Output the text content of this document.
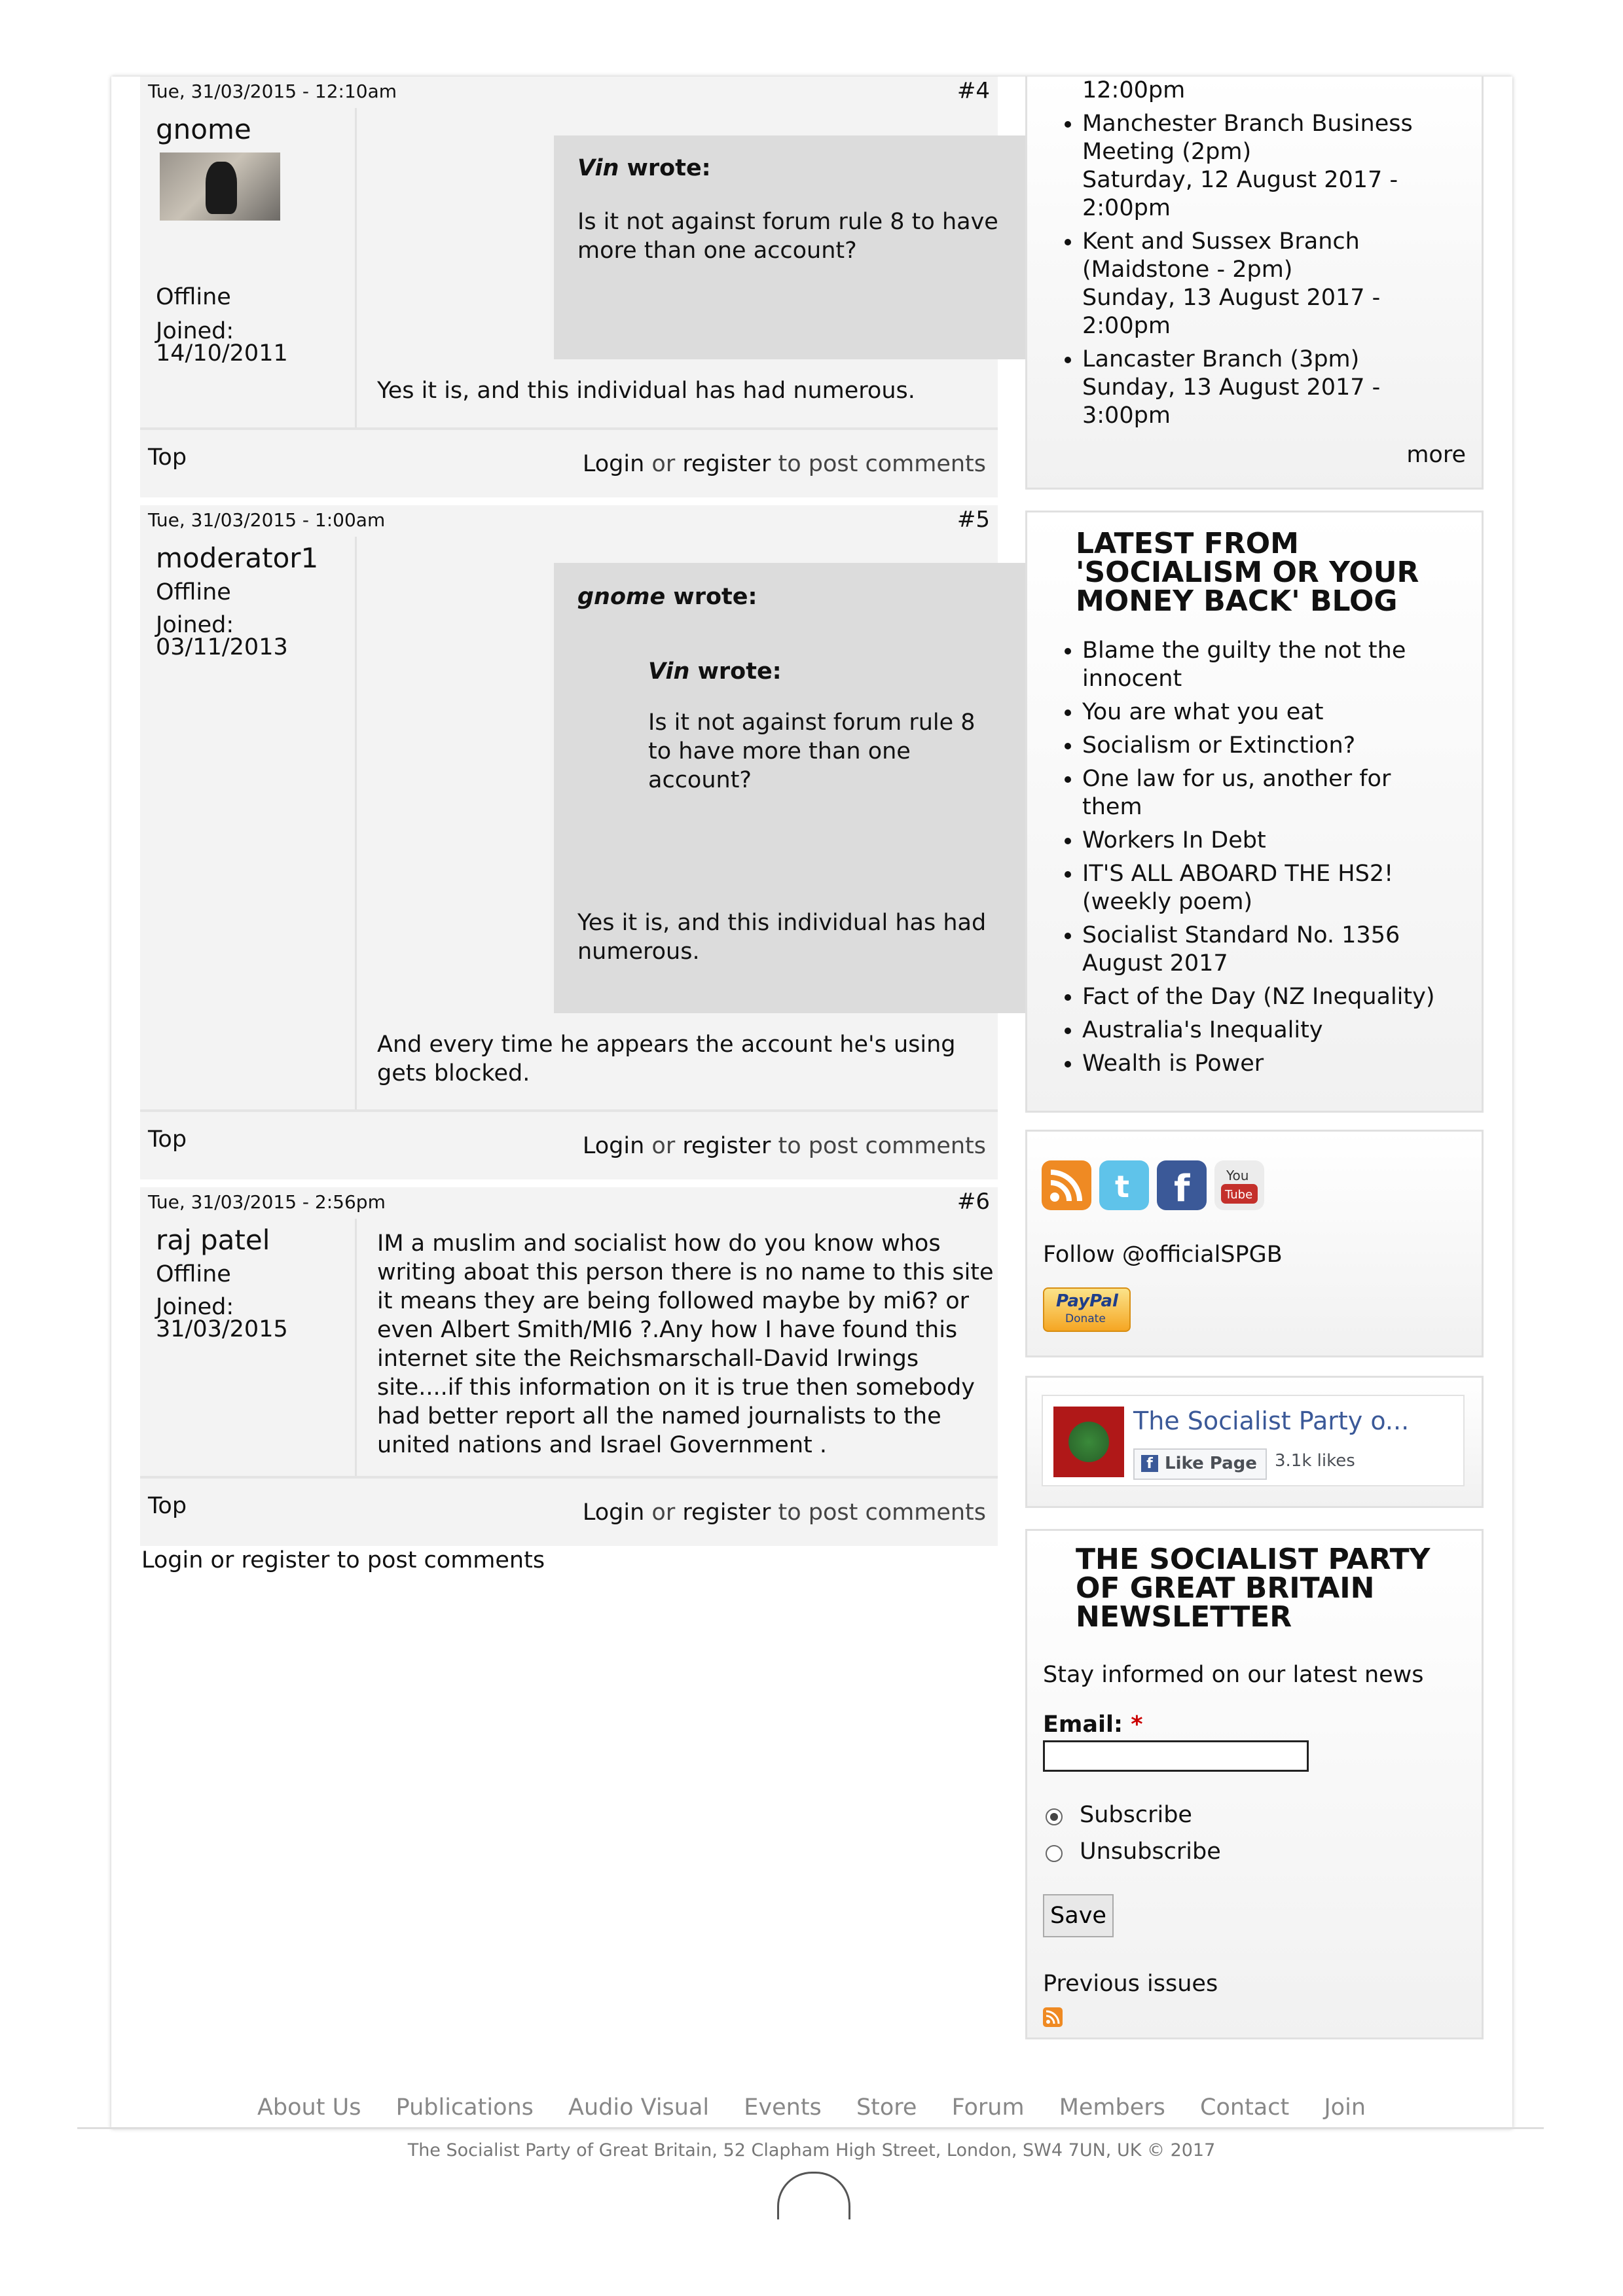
Tue, 31/03/2015 - 12:10am	#4
gnome
Offline
Joined:
14/10/2011
Vin wrote:
Is it not against forum rule 8 to have
more than one account?
Yes it is, and this individual has had numerous.
Top	Login or register to post comments
Tue, 31/03/2015 - 1:00am	#5
moderator1
Offline
Joined:
03/11/2013
gnome wrote:
Vin wrote:
Is it not against forum rule 8
to have more than one
account?
Yes it is, and this individual has had
numerous.
And every time he appears the account he's using
gets blocked.
Top	Login or register to post comments
Tue, 31/03/2015 - 2:56pm	#6
raj patel
Offline
Joined:
31/03/2015
IM a muslim and socialist how do you know whos
writing aboat this person there is no name to this site
it means they are being followed maybe by mi6? or
even Albert Smith/MI6 ?.Any how I have found this
internet site the Reichsmarschall-David Irwings
site....if this information on it is true then somebody
had better report all the named journalists to the
united nations and Israel Government .
Top	Login or register to post comments
Login or register to post comments
12:00pm
• Manchester Branch Business
Meeting (2pm)
Saturday, 12 August 2017 -
2:00pm
• Kent and Sussex Branch
(Maidstone - 2pm)
Sunday, 13 August 2017 -
2:00pm
• Lancaster Branch (3pm)
Sunday, 13 August 2017 -
3:00pm
more
LATEST FROM
'SOCIALISM OR YOUR
MONEY BACK' BLOG
• Blame the guilty the not the
innocent
• You are what you eat
• Socialism or Extinction?
• One law for us, another for
them
• Workers In Debt
• IT'S ALL ABOARD THE HS2!
(weekly poem)
• Socialist Standard No. 1356
August 2017
• Fact of the Day (NZ Inequality)
• Australia's Inequality
• Wealth is Power
t f	You
Tube
Follow @officialSPGB
PayPal
Donate
The Socialist Party o...
f Like Page 3.1k likes
THE SOCIALIST PARTY
OF GREAT BRITAIN
NEWSLETTER
Stay informed on our latest news
Email: *
Subscribe
Unsubscribe
Save
Previous issues
About Us Publications Audio Visual Events Store Forum Members Contact Join
The Socialist Party of Great Britain, 52 Clapham High Street, London, SW4 7UN, UK © 2017
